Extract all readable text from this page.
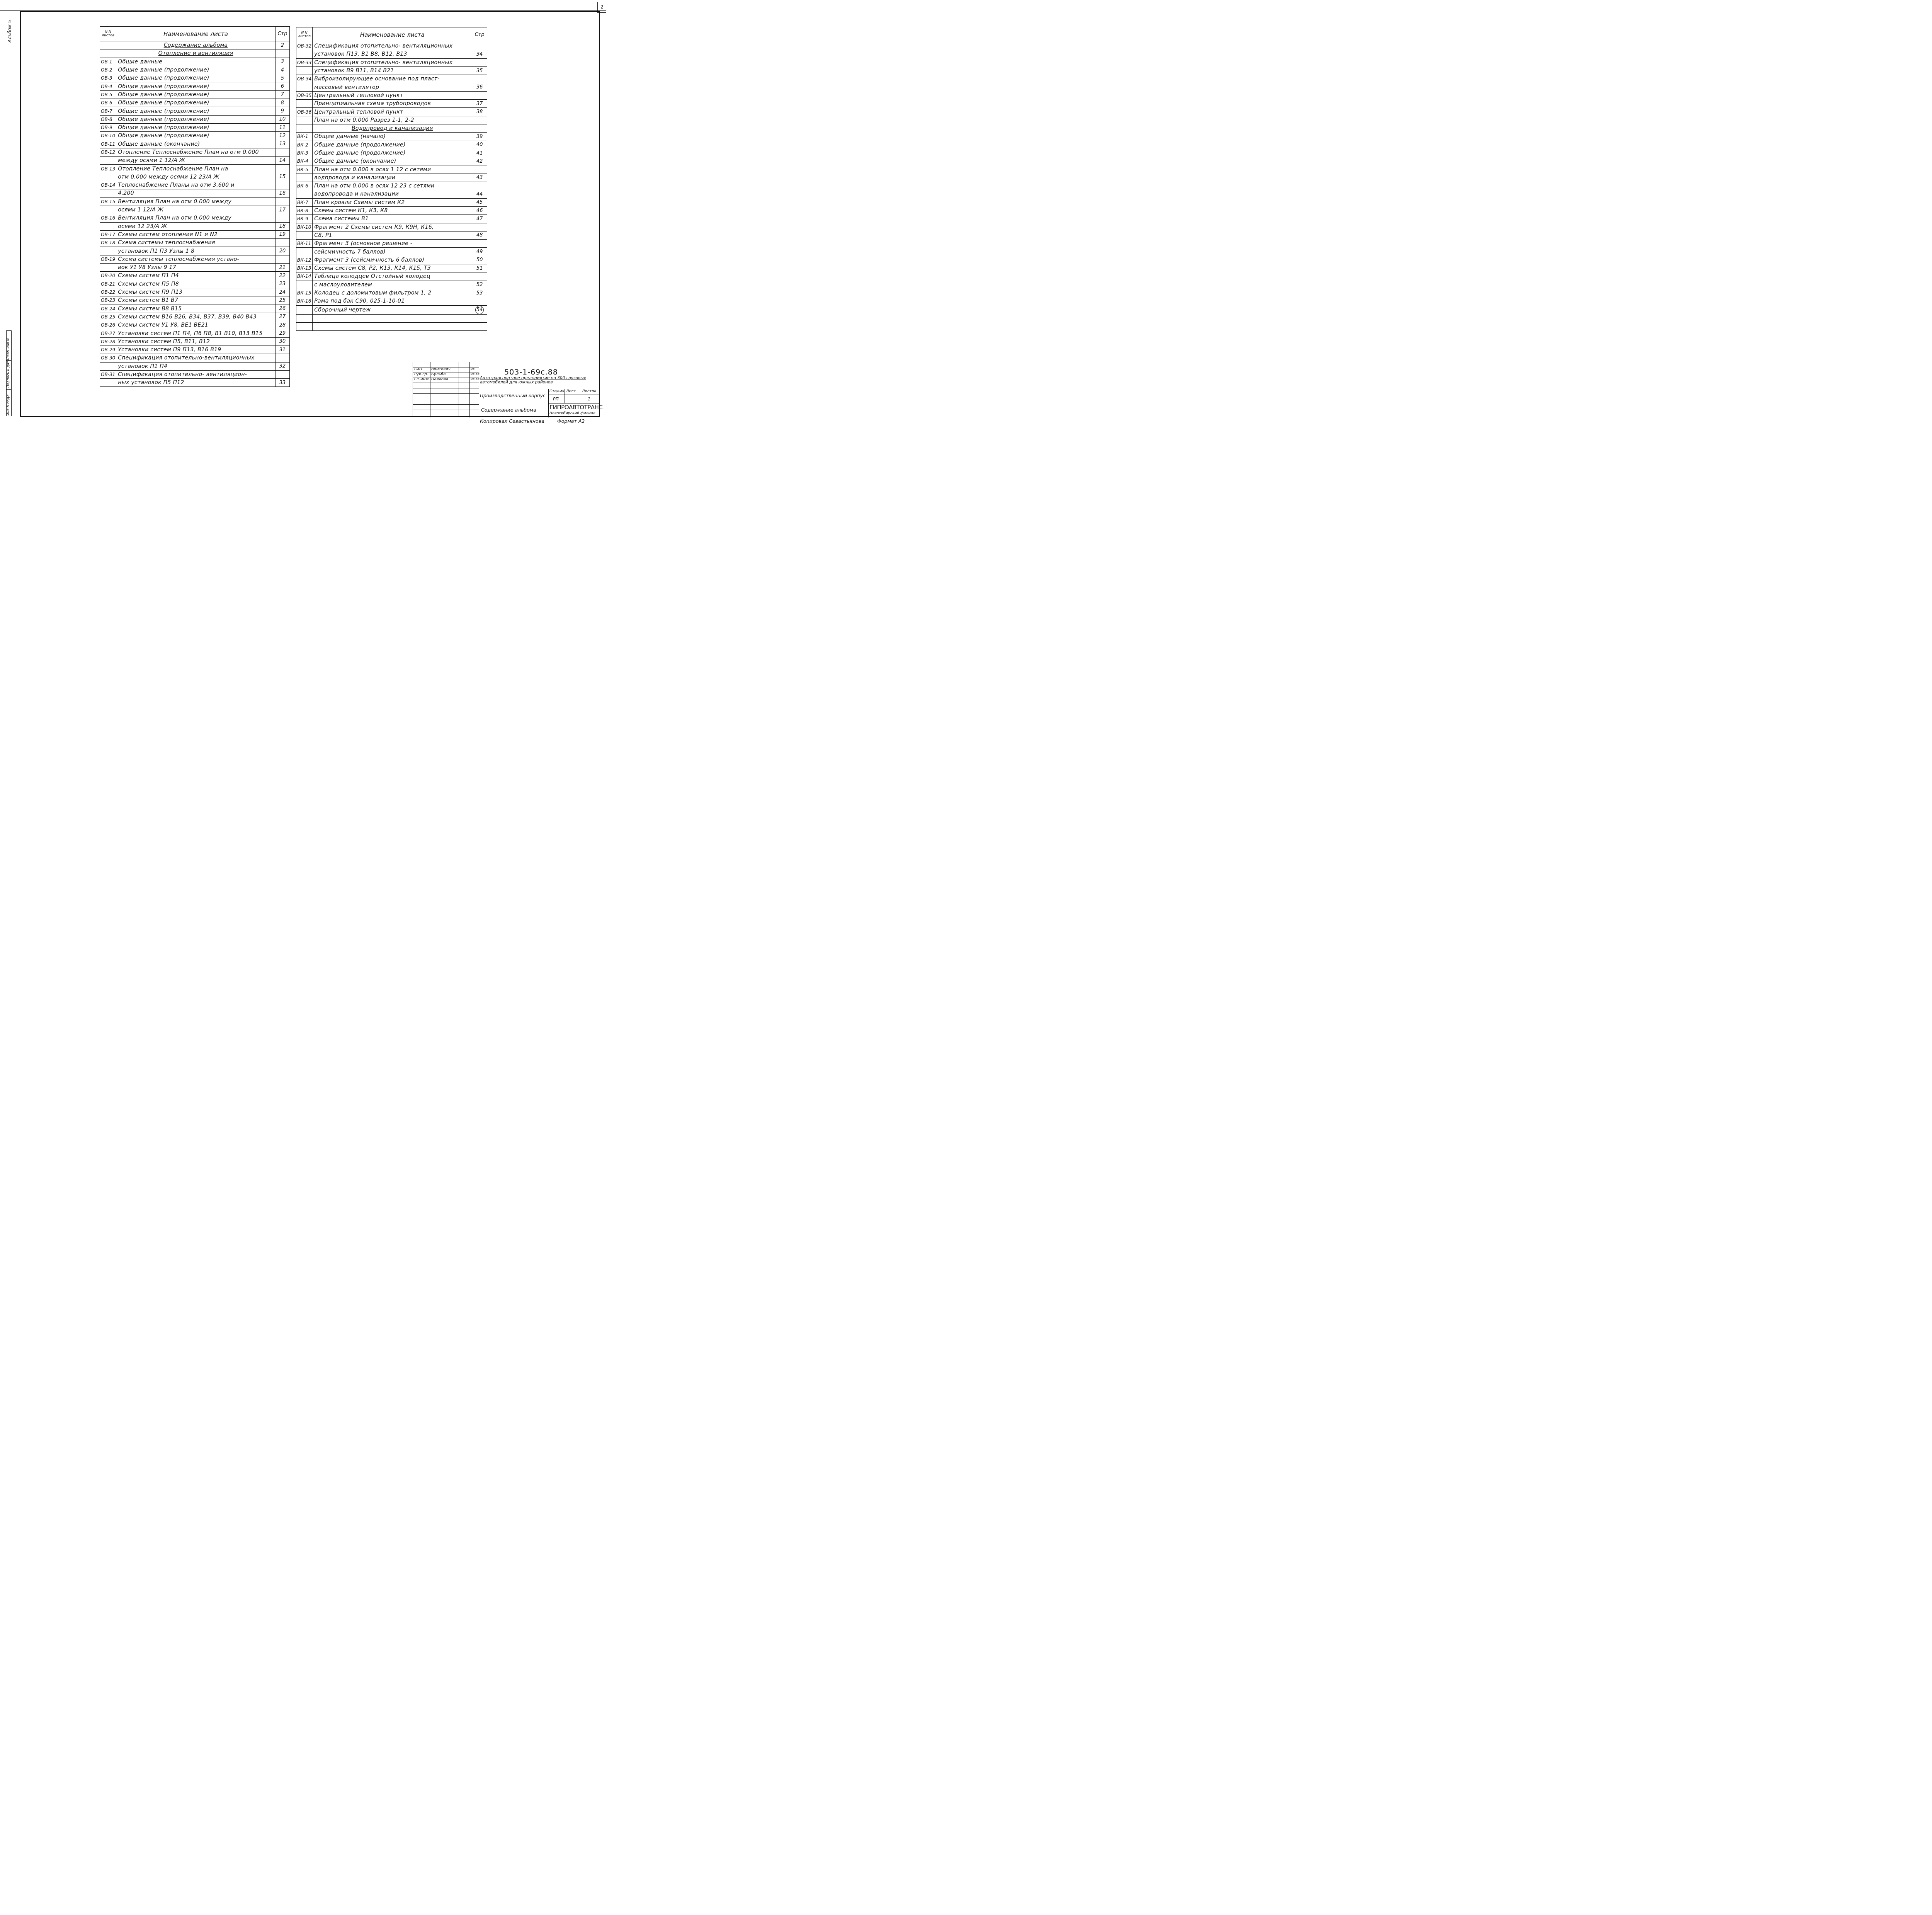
2
Альбом 5
Инв N подл
Подпись и дата
Взам инв N
N N листов	Наименование листа	Стр
	Содержание альбома	2
	Отопление и вентиляция	
ОВ-1	Общие данные	3
ОВ-2	Общие данные (продолжение)	4
ОВ-3	Общие данные (продолжение)	5
ОВ-4	Общие данные (продолжение)	6
ОВ-5	Общие данные (продолжение)	7
ОВ-6	Общие данные (продолжение)	8
ОВ-7	Общие данные (продолжение)	9
ОВ-8	Общие данные (продолжение)	10
ОВ-9	Общие данные (продолжение)	11
ОВ-10	Общие данные (продолжение)	12
ОВ-11	Общие данные (окончание)	13
ОВ-12	Отопление Теплоснабжение План на отм 0.000	
	между осями 1 12/А Ж	14
ОВ-13	Отопление Теплоснабжение План на	
	отм 0.000 между осями 12 23/А Ж	15
ОВ-14	Теплоснабжение Планы на отм 3.600 и	
	4.200	16
ОВ-15	Вентиляция План на отм 0.000 между	
	осями 1 12/А Ж	17
ОВ-16	Вентиляция План на отм 0.000 между	
	осями 12 23/А Ж	18
ОВ-17	Схемы систем отопления N1 и N2	19
ОВ-18	Схема системы теплоснабжения	
	установок П1 П3 Узлы 1 8	20
ОВ-19	Схема системы теплоснабжения устано-	
	вок У1 У8 Узлы 9 17	21
ОВ-20	Схемы систем П1 П4	22
ОВ-21	Схемы систем П5 П8	23
ОВ-22	Схемы систем П9 П13	24
ОВ-23	Схемы систем В1 В7	25
ОВ-24	Схемы систем В8 В15	26
ОВ-25	Схемы систем В16 В26, В34, В37, В39, В40 В43	27
ОВ-26	Схемы систем У1 У8, ВЕ1 ВЕ21	28
ОВ-27	Установки систем П1 П4, П6 П8, В1 В10, В13 В15	29
ОВ-28	Установки систем П5, В11, В12	30
ОВ-29	Установки систем П9 П13, В16 В19	31
ОВ-30	Спецификация отопительно-вентиляционных	
	установок П1 П4	32
ОВ-31	Спецификация отопительно- вентиляцион-	
	ных установок П5 П12	33
N N листов	Наименование листа	Стр
ОВ-32	Спецификация отопительно- вентиляционных	
	установок П13, В1 В8, В12, В13	34
ОВ-33	Спецификация отопительно- вентиляционных	
	установок В9 В11, В14 В21	35
ОВ-34	Виброизолирующее основание под пласт-	
	массовый вентилятор	36
ОВ-35	Центральный тепловой пункт	
	Принципиальная схема трубопроводов	37
ОВ-36	Центральный тепловой пункт	38
	План на отм 0.000 Разрез 1-1, 2-2	
	Водопровод и канализация	
ВК-1	Общие данные (начало)	39
ВК-2	Общие данные (продолжение)	40
ВК-3	Общие данные (продолжение)	41
ВК-4	Общие данные (окончание)	42
ВК-5	План на отм 0.000 в осях 1 12 с сетями	
	водпровода и канализации	43
ВК-6	План на отм 0.000 в осях 12 23 с сетями	
	водопровода и канализации	44
ВК-7	План кровли Схемы систем К2	45
ВК-8	Схемы систем К1, К3, К8	46
ВК-9	Схема системы В1	47
ВК-10	Фрагмент 2 Схемы систем К9, К9Н, К16,	
	С8, Р1	48
ВК-11	Фрагмент 3 (основное решение -	
	сейсмичность 7 баллов)	49
ВК-12	Фрагмент 3 (сейсмичность 6 баллов)	50
ВК-13	Схемы систем С8, Р2, К13, К14, К15, Т3	51
ВК-14	Таблица колодцев Отстойный колодец	
	с маслоуловителем	52
ВК-15	Колодец с доломитовым фильтром 1, 2	53
ВК-16	Рама под бак С90, 025-1-10-01	
	Сборочный чертеж	54

ГИП Войтович	08
Рук.гр. Бульба	08 88
Ст.инж Павлова	08 88
503-1-69с.88
Автотранспортное предприятие на 300 грузовых автомобилей для южных районов
Производственный корпус
Содержание альбома
Стадия Лист Листов
РП	1
ГИПРОАВТОТРАНС
Новосибирский филиал
Копировал Севастьянова	Формат А2
